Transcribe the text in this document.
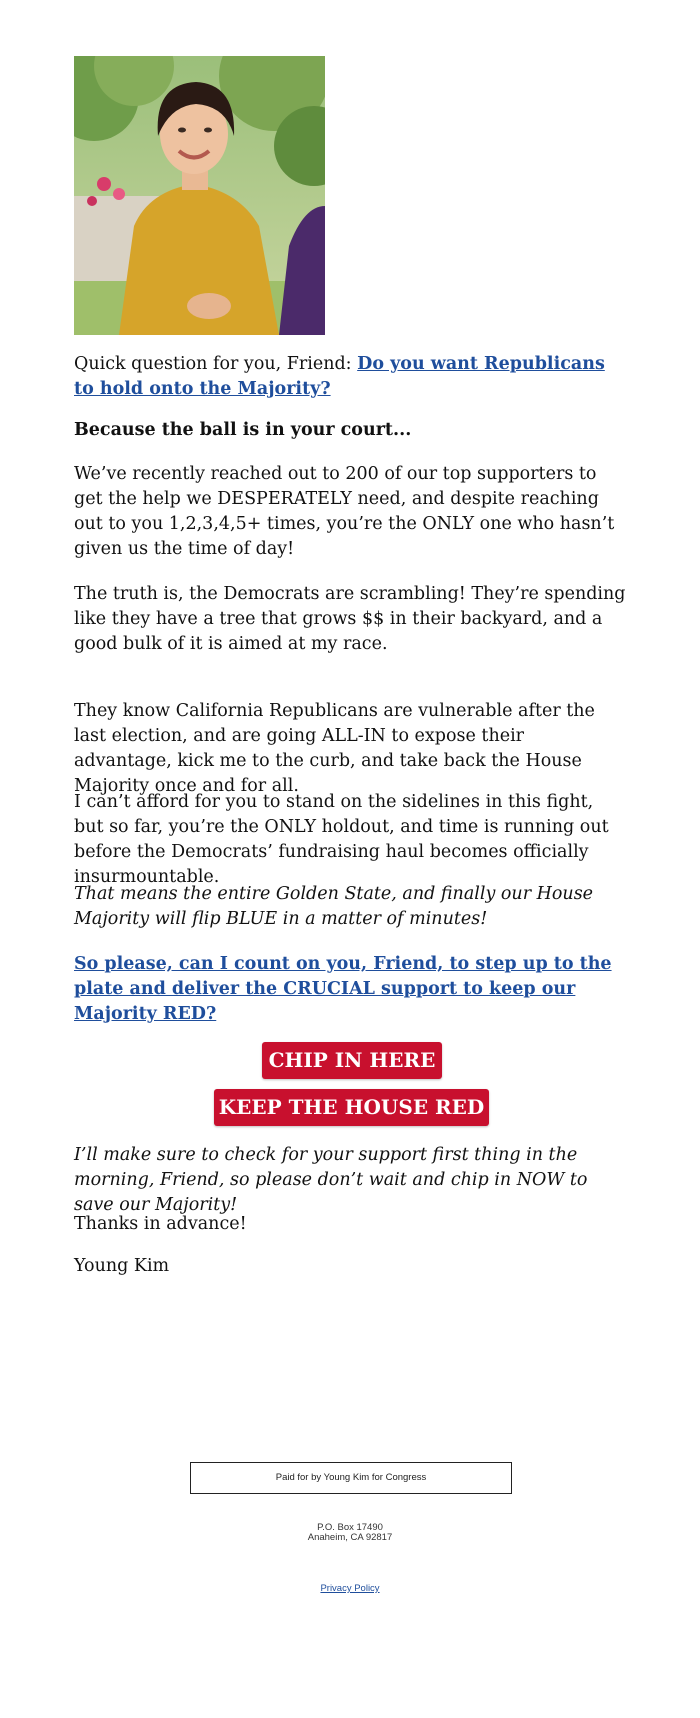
Quick question for you, Friend: Do you want Republicans to hold onto the Majority?

Because the ball is in your court...

We’ve recently reached out to 200 of our top supporters to get the help we DESPERATELY need, and despite reaching out to you 1,2,3,4,5+ times, you’re the ONLY one who hasn’t given us the time of day!

The truth is, the Democrats are scrambling! They’re spending like they have a tree that grows $$ in their backyard, and a good bulk of it is aimed at my race.

They know California Republicans are vulnerable after the last election, and are going ALL-IN to expose their advantage, kick me to the curb, and take back the House Majority once and for all.

I can’t afford for you to stand on the sidelines in this fight, but so far, you’re the ONLY holdout, and time is running out before the Democrats’ fundraising haul becomes officially insurmountable.

That means the entire Golden State, and finally our House Majority will flip BLUE in a matter of minutes!

So please, can I count on you, Friend, to step up to the plate and deliver the CRUCIAL support to keep our Majority RED?

CHIP IN HERE
KEEP THE HOUSE RED

I’ll make sure to check for your support first thing in the morning, Friend, so please don’t wait and chip in NOW to save our Majority!

Thanks in advance!

Young Kim

Paid for by Young Kim for Congress
P.O. Box 17490
Anaheim, CA 92817
Privacy Policy
